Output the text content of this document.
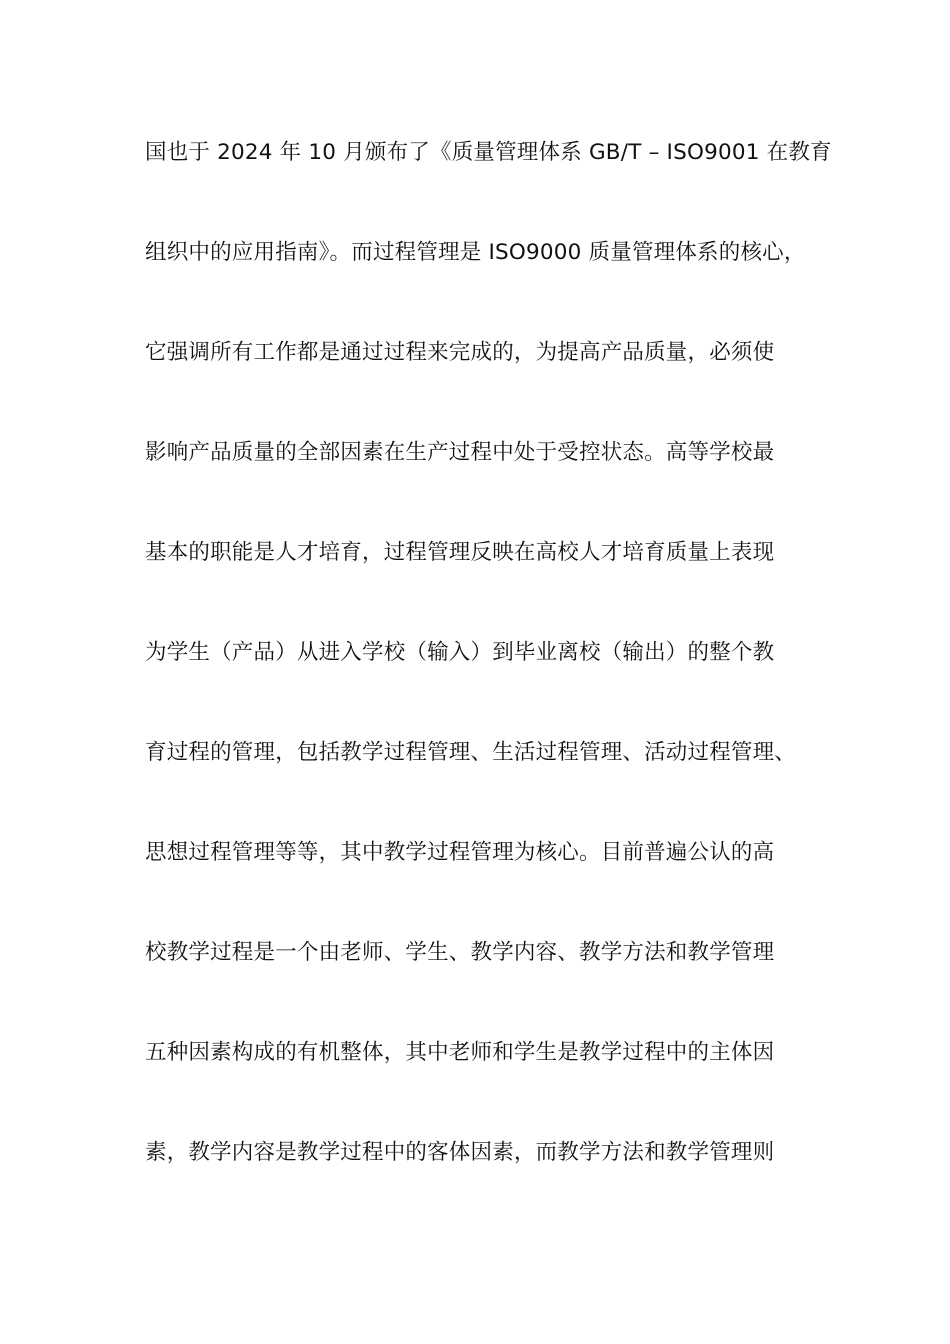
国也于 2024 年 10 月颁布了《质量管理体系 GB/T – ISO9001 在教育
组织中的应用指南》。而过程管理是 ISO9000 质量管理体系的核心，
它强调所有工作都是通过过程来完成的，为提高产品质量，必须使
影响产品质量的全部因素在生产过程中处于受控状态。高等学校最
基本的职能是人才培育，过程管理反映在高校人才培育质量上表现
为学生（产品）从进入学校（输入）到毕业离校（输出）的整个教
育过程的管理，包括教学过程管理、生活过程管理、活动过程管理、
思想过程管理等等，其中教学过程管理为核心。目前普遍公认的高
校教学过程是一个由老师、学生、教学内容、教学方法和教学管理
五种因素构成的有机整体，其中老师和学生是教学过程中的主体因
素，教学内容是教学过程中的客体因素，而教学方法和教学管理则
